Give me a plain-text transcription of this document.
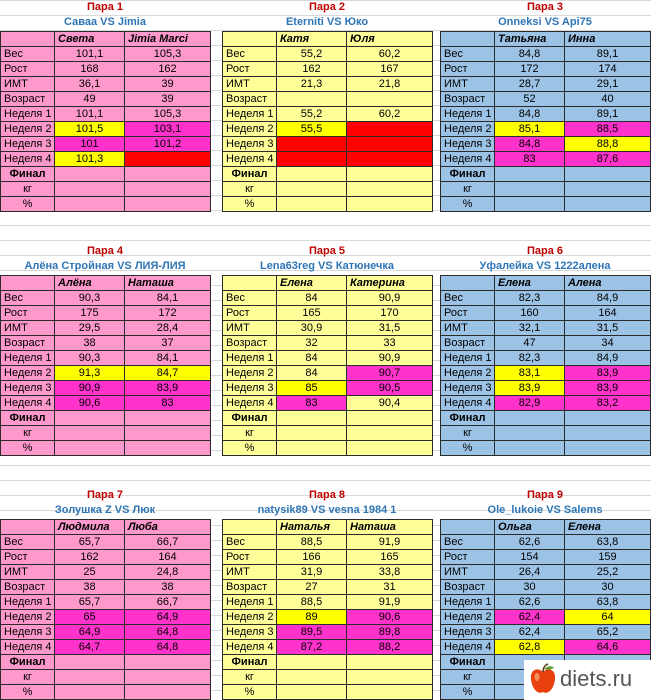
Пара 1
Саваа VS Jimia
	Света	Jimia Marci
Вес	101,1	105,3
Рост	168	162
ИМТ	36,1	39
Возраст	49	39
Неделя 1	101,1	105,3
Неделя 2	101,5	103,1
Неделя 3	101	101,2
Неделя 4	101,3	
Финал		
кг		
%		
Пара 2
Eterniti VS Юко
	Катя	Юля
Вес	55,2	60,2
Рост	162	167
ИМТ	21,3	21,8
Возраст		
Неделя 1	55,2	60,2
Неделя 2	55,5	
Неделя 3		
Неделя 4		
Финал		
кг		
%		
Пара 3
Onneksi VS Api75
	Татьяна	Инна
Вес	84,8	89,1
Рост	172	174
ИМТ	28,7	29,1
Возраст	52	40
Неделя 1	84,8	89,1
Неделя 2	85,1	88,5
Неделя 3	84,8	88,8
Неделя 4	83	87,6
Финал		
кг		
%		
Пара 4
Алёна Стройная VS ЛИЯ-ЛИЯ
	Алёна	Наташа
Вес	90,3	84,1
Рост	175	172
ИМТ	29,5	28,4
Возраст	38	37
Неделя 1	90,3	84,1
Неделя 2	91,3	84,7
Неделя 3	90,9	83,9
Неделя 4	90,6	83
Финал		
кг		
%		
Пара 5
Lena63reg VS Катюнечка
	Елена	Катерина
Вес	84	90,9
Рост	165	170
ИМТ	30,9	31,5
Возраст	32	33
Неделя 1	84	90,9
Неделя 2	84	90,7
Неделя 3	85	90,5
Неделя 4	83	90,4
Финал		
кг		
%		
Пара 6
Уфалейка VS 1222алена
	Елена	Алена
Вес	82,3	84,9
Рост	160	164
ИМТ	32,1	31,5
Возраст	47	34
Неделя 1	82,3	84,9
Неделя 2	83,1	83,9
Неделя 3	83,9	83,9
Неделя 4	82,9	83,2
Финал		
кг		
%		
Пара 7
Золушка Z VS Люк
	Людмила	Люба
Вес	65,7	66,7
Рост	162	164
ИМТ	25	24,8
Возраст	38	38
Неделя 1	65,7	66,7
Неделя 2	65	64,9
Неделя 3	64,9	64,8
Неделя 4	64,7	64,8
Финал		
кг		
%		
Пара 8
natysik89 VS vesna 1984 1
	Наталья	Наташа
Вес	88,5	91,9
Рост	166	165
ИМТ	31,9	33,8
Возраст	27	31
Неделя 1	88,5	91,9
Неделя 2	89	90,6
Неделя 3	89,5	89,8
Неделя 4	87,2	88,2
Финал		
кг		
%		
Пара 9
Ole_lukoie VS Salems
	Ольга	Елена
Вес	62,6	63,8
Рост	154	159
ИМТ	26,4	25,2
Возраст	30	30
Неделя 1	62,6	63,8
Неделя 2	62,4	64
Неделя 3	62,4	65,2
Неделя 4	62,8	64,6
Финал		
кг		
%		
diets.ru
